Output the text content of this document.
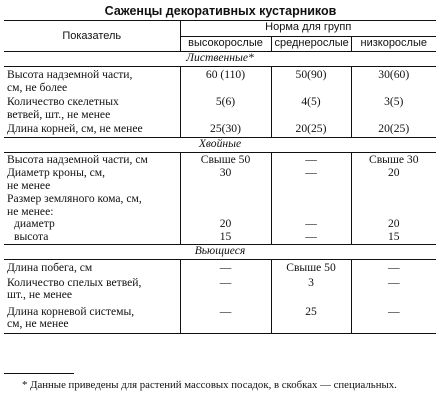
Саженцы декоративных кустарников
Показатель	Норма для групп		
	высокорослые	среднерослые	низкорослые
Лиственные*			
Высота надземной части,
см, не более	60 (110)	50(90)	30(60)
Количество скелетных
ветвей, шт., не менее	5(6)	4(5)	3(5)
Длина корней, см, не менее	25(30)	20(25)	20(25)
Хвойные			
Высота надземной части, см	Свыше 50	—	Свыше 30
Диаметр кроны, см,
не менее	30	—	20
Размер земляного кома, см,
не менее:			
диаметр	20	—	20
высота	15	—	15
Вьющиеся			
Длина побега, см	—	Свыше 50	—
Количество спелых ветвей,
шт., не менее	—	3	—
Длина корневой системы,
см, не менее	—	25	—
* Данные приведены для растений массовых посадок, в скобках — специальных.
